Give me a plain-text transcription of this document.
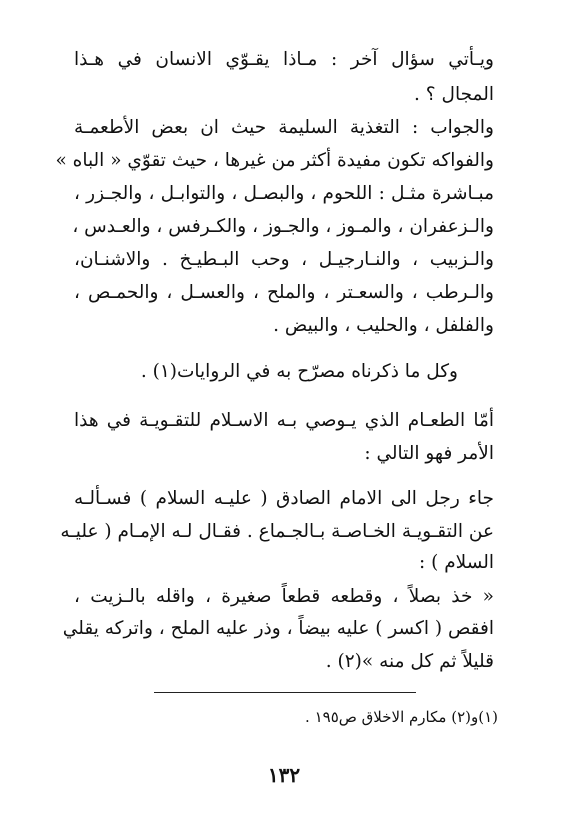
ويـأتي سؤال آخر : مـاذا يقـوّي الانسان في هـذا
المجال ؟ .
والجواب : التغذية السليمة حيث ان بعض الأطعمـة
والفواكه تكون مفيدة أكثر من غيرها ، حيث تقوّي « الباه »
مبـاشرة مثـل : اللحوم ، والبصـل ، والتوابـل ، والجـزر ،
والـزعفران ، والمـوز ، والجـوز ، والكـرفس ، والعـدس ،
والـزبيب ، والنـارجيـل ، وحب البـطيـخ . والاشنـان،
والـرطب ، والسعـتر ، والملح ، والعسـل ، والحمـص ،
والفلفل ، والحليب ، والبيض .
وكل ما ذكرناه مصرّح به في الروايات(١) .
أمّا الطعـام الذي يـوصي بـه الاسـلام للتقـويـة في هذا
الأمر فهو التالي :
جاء رجل الى الامام الصادق ( عليـه السلام ) فسـألـه
عن التقـويـة الخـاصـة بـالجـماع . فقـال لـه الإمـام ( عليـه
السلام ) :
« خذ بصلاً ، وقطعه قطعاً صغيرة ، واقله بالـزيت ،
افقص ( اكسر ) عليه بيضاً ، وذر عليه الملح ، واتركه يقلي
قليلاً ثم كل منه »(٢) .
(١)و(٢) مكارم الاخلاق ص١٩٥ .
١٣٢
